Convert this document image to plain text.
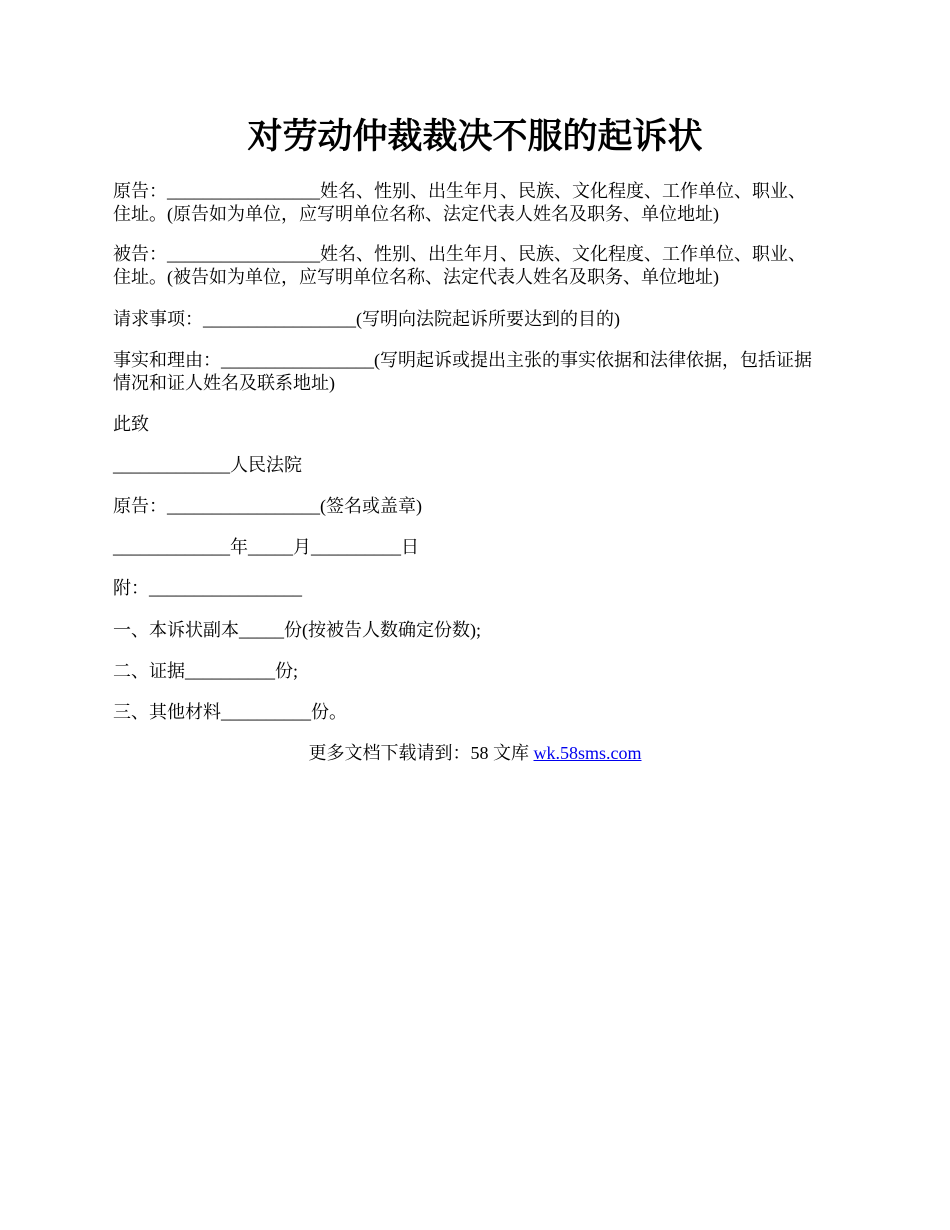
对劳动仲裁裁决不服的起诉状

原告：_________________姓名、性别、出生年月、民族、文化程度、工作单位、职业、
住址。(原告如为单位，应写明单位名称、法定代表人姓名及职务、单位地址)

被告：_________________姓名、性别、出生年月、民族、文化程度、工作单位、职业、
住址。(被告如为单位，应写明单位名称、法定代表人姓名及职务、单位地址)

请求事项：_________________(写明向法院起诉所要达到的目的)

事实和理由：_________________(写明起诉或提出主张的事实依据和法律依据，包括证据
情况和证人姓名及联系地址)

此致

_____________人民法院

原告：_________________(签名或盖章)

_____________年_____月__________日

附：_________________

一、本诉状副本_____份(按被告人数确定份数);

二、证据__________份;

三、其他材料__________份。

更多文档下载请到：58 文库 wk.58sms.com
